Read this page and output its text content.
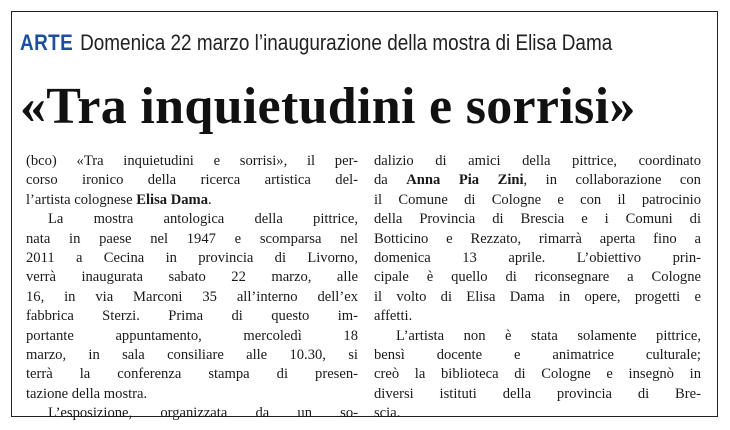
ARTE Domenica 22 marzo l’inaugurazione della mostra di Elisa Dama
«Tra inquietudini e sorrisi»
(bco) «Tra inquietudini e sorrisi», il per-
corso ironico della ricerca artistica del-
l’artista colognese Elisa Dama.
La mostra antologica della pittrice,
nata in paese nel 1947 e scomparsa nel
2011 a Cecina in provincia di Livorno,
verrà inaugurata sabato 22 marzo, alle
16, in via Marconi 35 all’interno dell’ex
fabbrica Sterzi. Prima di questo im-
portante appuntamento, mercoledì 18
marzo, in sala consiliare alle 10.30, si
terrà la conferenza stampa di presen-
tazione della mostra.
L’esposizione, organizzata da un so-
dalizio di amici della pittrice, coordinato
da Anna Pia Zini, in collaborazione con
il Comune di Cologne e con il patrocinio
della Provincia di Brescia e i Comuni di
Botticino e Rezzato, rimarrà aperta fino a
domenica 13 aprile. L’obiettivo prin-
cipale è quello di riconsegnare a Cologne
il volto di Elisa Dama in opere, progetti e
affetti.
L’artista non è stata solamente pittrice,
bensì docente e animatrice culturale;
creò la biblioteca di Cologne e insegnò in
diversi istituti della provincia di Bre-
scia.
